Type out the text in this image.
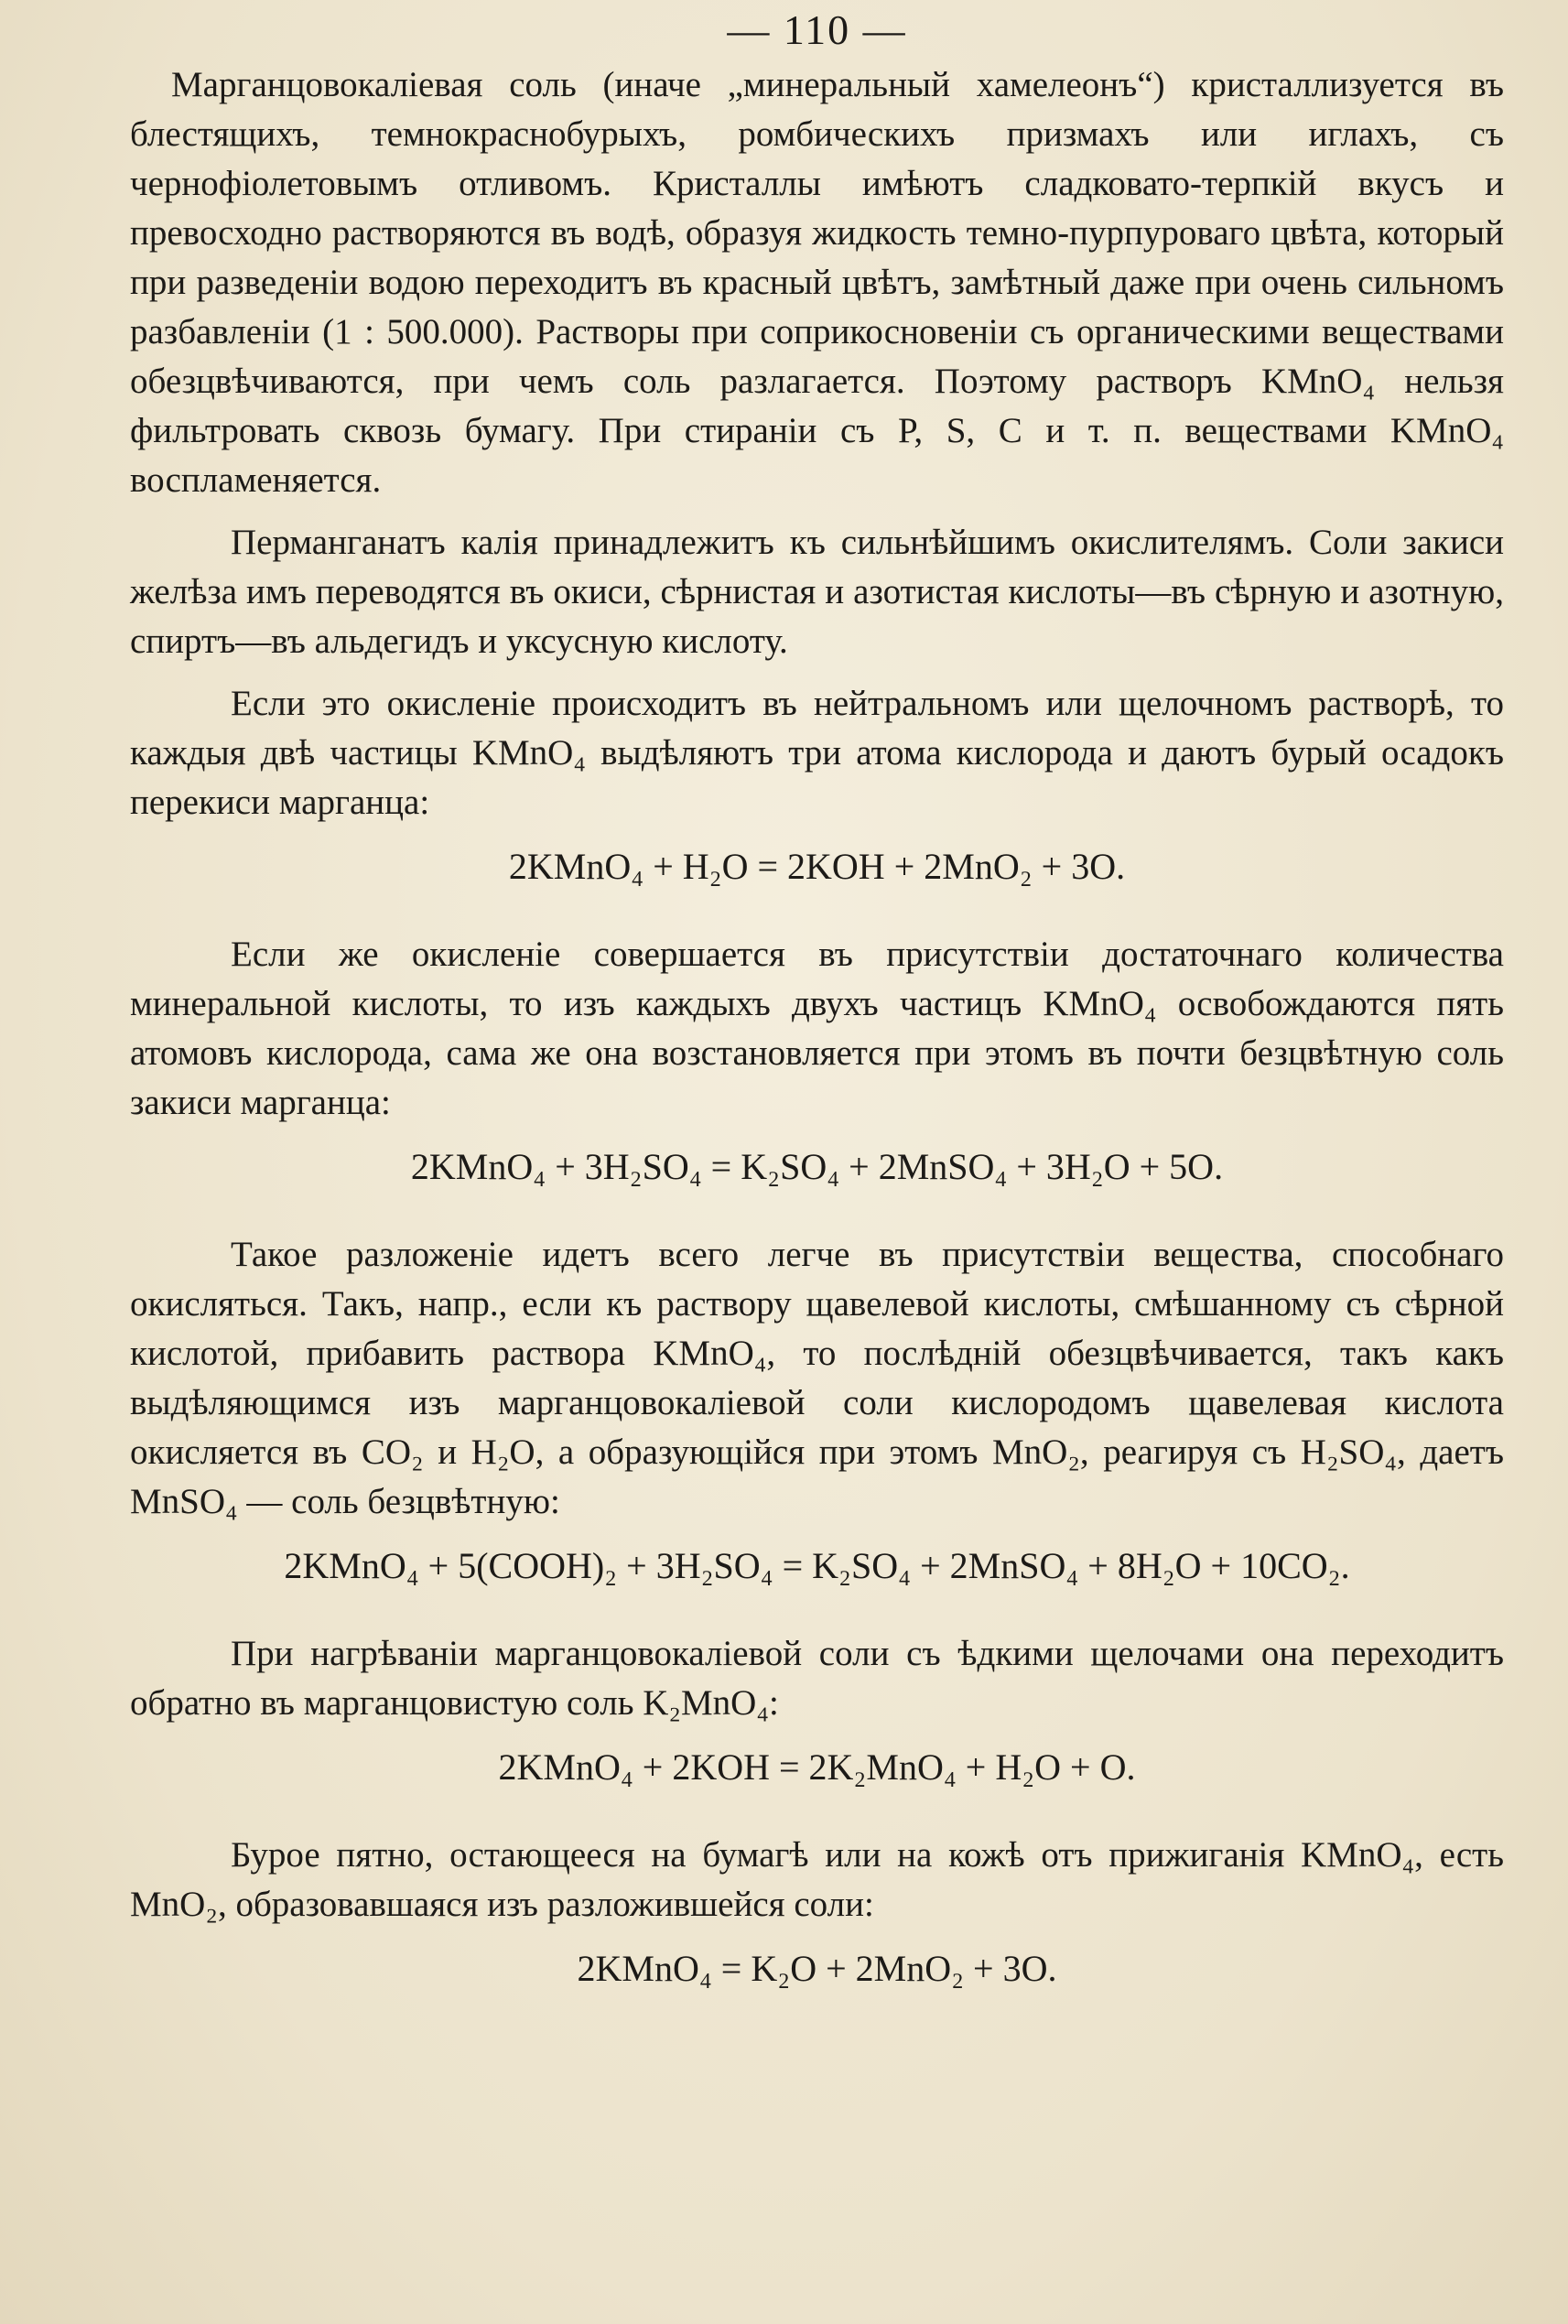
— 110 —

Марганцовокалiевая соль (иначе „минеральный хамелеонъ“) кристаллизуется въ блестящихъ, темнокраснобурыхъ, ромбическихъ призмахъ или иглахъ, съ чернофiолетовымъ отливомъ. Кристаллы имѣютъ сладковато-терпкiй вкусъ и превосходно растворяются въ водѣ, образуя жидкость темно-пурпуроваго цвѣта, который при разведенiи водою переходитъ въ красный цвѣтъ, замѣтный даже при очень сильномъ разбавленiи (1 : 500.000). Растворы при соприкосновенiи съ органическими веществами обезцвѣчиваются, при чемъ соль разлагается. Поэтому растворъ KMnO₄ нельзя фильтровать сквозь бумагу. При стиранiи съ P, S, C и т. п. веществами KMnO₄ воспламеняется.

Перманганатъ калiя принадлежитъ къ сильнѣйшимъ окислителямъ. Соли закиси желѣза имъ переводятся въ окиси, сѣрнистая и азотистая кислоты—въ сѣрную и азотную, спиртъ—въ альдегидъ и уксусную кислоту.

Если это окисленiе происходитъ въ нейтральномъ или щелочномъ растворѣ, то каждыя двѣ частицы KMnO₄ выдѣляютъ три атома кислорода и даютъ бурый осадокъ перекиси марганца:

2KMnO₄ + H₂O = 2KOH + 2MnO₂ + 3O.

Если же окисленiе совершается въ присутствiи достаточнаго количества минеральной кислоты, то изъ каждыхъ двухъ частицъ KMnO₄ освобождаются пять атомовъ кислорода, сама же она возстановляется при этомъ въ почти безцвѣтную соль закиси марганца:

2KMnO₄ + 3H₂SO₄ = K₂SO₄ + 2MnSO₄ + 3H₂O + 5O.

Такое разложенiе идетъ всего легче въ присутствiи вещества, способнаго окисляться. Такъ, напр., если къ раствору щавелевой кислоты, смѣшанному съ сѣрной кислотой, прибавить раствора KMnO₄, то послѣднiй обезцвѣчивается, такъ какъ выдѣляющимся изъ марганцовокалiевой соли кислородомъ щавелевая кислота окисляется въ CO₂ и H₂O, а образующiйся при этомъ MnO₂, реагируя съ H₂SO₄, даетъ MnSO₄ — соль безцвѣтную:

2KMnO₄ + 5(COOH)₂ + 3H₂SO₄ = K₂SO₄ + 2MnSO₄ + 8H₂O + 10CO₂.

При нагрѣванiи марганцовокалiевой соли съ ѣдкими щелочами она переходитъ обратно въ марганцовистую соль K₂MnO₄:

2KMnO₄ + 2KOH = 2K₂MnO₄ + H₂O + O.

Бурое пятно, остающееся на бумагѣ или на кожѣ отъ прижиганiя KMnO₄, есть MnO₂, образовавшаяся изъ разложившейся соли:

2KMnO₄ = K₂O + 2MnO₂ + 3O.
